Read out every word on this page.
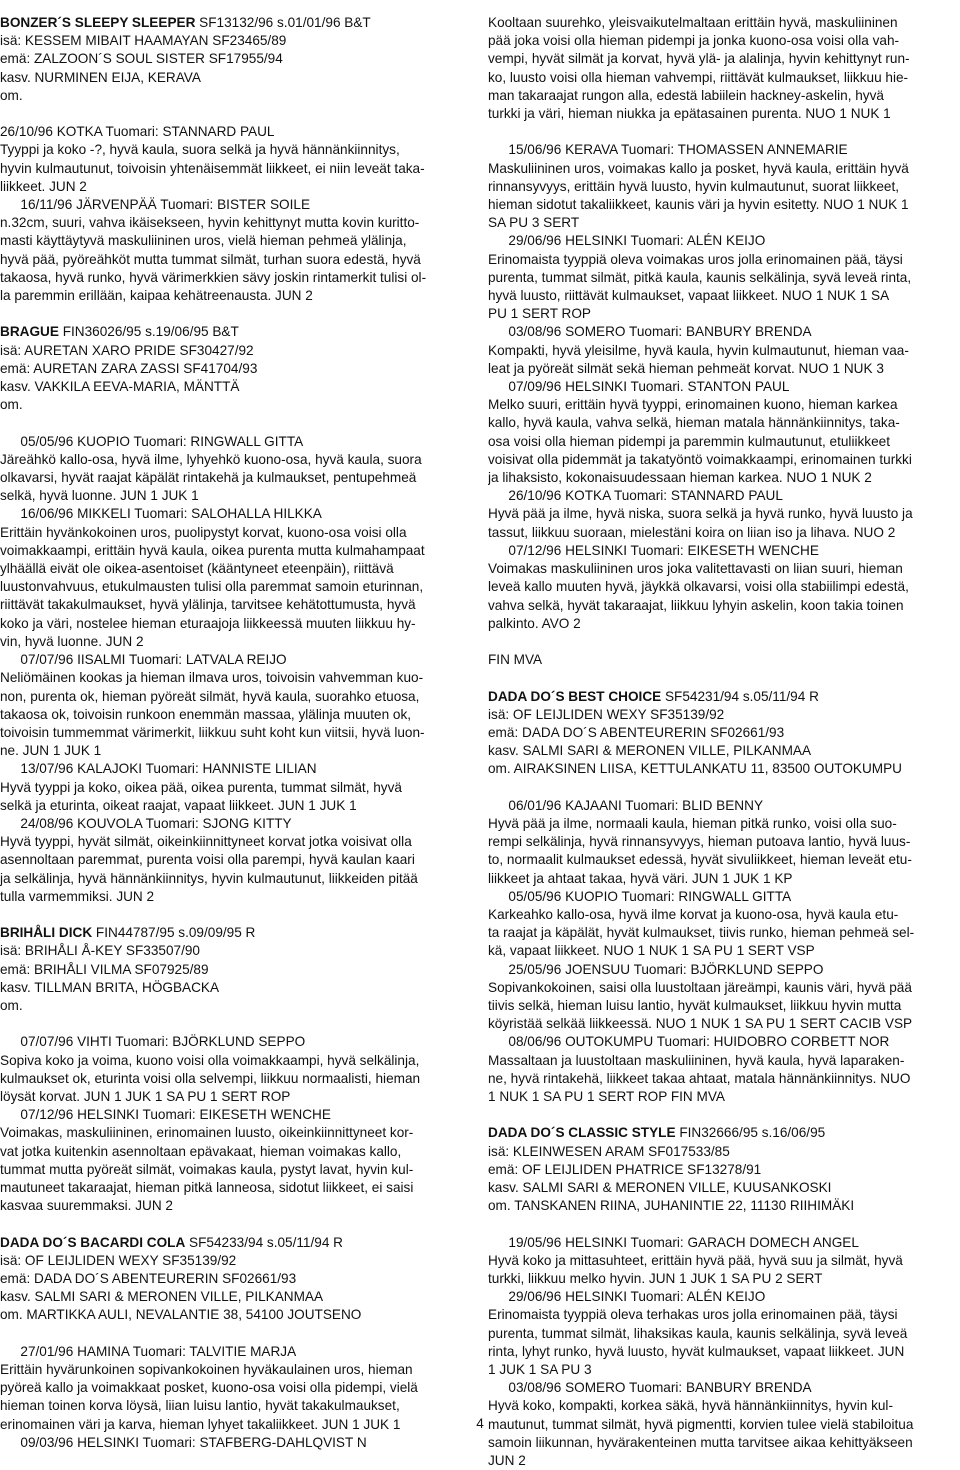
BONZER´S SLEEPY SLEEPER SF13132/96 s.01/01/96 B&T
isä: KESSEM MIBAIT HAAMAYAN SF23465/89
emä: ZALZOON´S SOUL SISTER SF17955/94
kasv. NURMINEN EIJA, KERAVA
om.

26/10/96 KOTKA Tuomari: STANNARD PAUL
Tyyppi ja koko -?, hyvä kaula, suora selkä ja hyvä hännänkiinnitys,
hyvin kulmautunut, toivoisin yhtenäisemmät liikkeet, ei niin leveät taka-
liikkeet. JUN 2
  16/11/96 JÄRVENPÄÄ Tuomari: BISTER SOILE
n.32cm, suuri, vahva ikäisekseen, hyvin kehittynyt mutta kovin kuritto-
masti käyttäytyvä maskuliininen uros, vielä hieman pehmeä ylälinja,
hyvä pää, pyöreähköt mutta tummat silmät, turhan suora edestä, hyvä
takaosa, hyvä runko, hyvä värimerkkien sävy joskin rintamerkit tulisi ol-
la paremmin erillään, kaipaa kehätreenausta. JUN 2
BRAGUE FIN36026/95 s.19/06/95 B&T
isä: AURETAN XARO PRIDE SF30427/92
emä: AURETAN ZARA ZASSI SF41704/93
kasv. VAKKILA EEVA-MARIA, MÄNTTÄ
om.

  05/05/96 KUOPIO Tuomari: RINGWALL GITTA
Järeähkö kallo-osa, hyvä ilme, lyhyehkö kuono-osa, hyvä kaula, suora
olkavarsi, hyvät raajat käpälät rintakehä ja kulmaukset, pentupehmeä
selkä, hyvä luonne. JUN 1 JUK 1
  16/06/96 MIKKELI Tuomari: SALOHALLA HILKKA
Erittäin hyvänkokoinen uros, puolipystyt korvat, kuono-osa voisi olla
voimakkaampi, erittäin hyvä kaula, oikea purenta mutta kulmahampaat
ylhäällä eivät ole oikea-asentoiset (kääntyneet eteenpäin), riittävä
luustonvahvuus, etukulmausten tulisi olla paremmat samoin eturinnan,
riittävät takakulmaukset, hyvä ylälinja, tarvitsee kehätottumusta, hyvä
koko ja väri, nostelee hieman eturaajoja liikkeessä muuten liikkuu hy-
vin, hyvä luonne. JUN 2
  07/07/96 IISALMI Tuomari: LATVALA REIJO
Neliömäinen kookas ja hieman ilmava uros, toivoisin vahvemman kuo-
non, purenta ok, hieman pyöreät silmät, hyvä kaula, suorahko etuosa,
takaosa ok, toivoisin runkoon enemmän massaa, ylälinja muuten ok,
toivoisin tummemmat värimerkit, liikkuu suht koht kun viitsii, hyvä luon-
ne. JUN 1 JUK 1
  13/07/96 KALAJOKI Tuomari: HANNISTE LILIAN
Hyvä tyyppi ja koko, oikea pää, oikea purenta, tummat silmät, hyvä
selkä ja eturinta, oikeat raajat, vapaat liikkeet. JUN 1 JUK 1
  24/08/96 KOUVOLA Tuomari: SJONG KITTY
Hyvä tyyppi, hyvät silmät, oikeinkiinnittyneet korvat jotka voisivat olla
asennoltaan paremmat, purenta voisi olla parempi, hyvä kaulan kaari
ja selkälinja, hyvä hännänkiinnitys, hyvin kulmautunut, liikkeiden pitää
tulla varmemmiksi. JUN 2
BRIHÅLI DICK FIN44787/95 s.09/09/95 R
isä: BRIHÅLI Å-KEY SF33507/90
emä: BRIHÅLI VILMA SF07925/89
kasv. TILLMAN BRITA, HÖGBACKA
om.

  07/07/96 VIHTI Tuomari: BJÖRKLUND SEPPO
Sopiva koko ja voima, kuono voisi olla voimakkaampi, hyvä selkälinja,
kulmaukset ok, eturinta voisi olla selvempi, liikkuu normaalisti, hieman
löysät korvat. JUN 1 JUK 1 SA PU 1 SERT ROP
  07/12/96 HELSINKI Tuomari: EIKESETH WENCHE
Voimakas, maskuliininen, erinomainen luusto, oikeinkiinnittyneet kor-
vat jotka kuitenkin asennoltaan epävakaat, hieman voimakas kallo,
tummat mutta pyöreät silmät, voimakas kaula, pystyt lavat, hyvin kul-
mautuneet takaraajat, hieman pitkä lanneosa, sidotut liikkeet, ei saisi
kasvaa suuremmaksi. JUN 2
DADA DO´S BACARDI COLA SF54233/94 s.05/11/94 R
isä: OF LEIJLIDEN WEXY SF35139/92
emä: DADA DO´S ABENTEURERIN SF02661/93
kasv. SALMI SARI & MERONEN VILLE, PILKANMAA
om. MARTIKKA AULI, NEVALANTIE 38, 54100 JOUTSENO

  27/01/96 HAMINA Tuomari: TALVITIE MARJA
Erittäin hyvärunkoinen sopivankokoinen hyväkaulainen uros, hieman
pyöreä kallo ja voimakkaat posket, kuono-osa voisi olla pidempi, vielä
hieman toinen korva löysä, liian luisu lantio, hyvät takakulmaukset,
erinomainen väri ja karva, hieman lyhyet takaliikkeet. JUN 1 JUK 1
  09/03/96 HELSINKI Tuomari: STAFBERG-DAHLQVIST N
Kooltaan suurehko, yleisvaikutelmaltaan erittäin hyvä, maskuliininen
pää joka voisi olla hieman pidempi ja jonka kuono-osa voisi olla vah-
vempi, hyvät silmät ja korvat, hyvä ylä- ja alalinja, hyvin kehittynyt run-
ko, luusto voisi olla hieman vahvempi, riittävät kulmaukset, liikkuu hie-
man takaraajat rungon alla, edestä labiilein hackney-askelin, hyvä
turkki ja väri, hieman niukka ja epätasainen purenta. NUO 1 NUK 1

  15/06/96 KERAVA Tuomari: THOMASSEN ANNEMARIE
Maskuliininen uros, voimakas kallo ja posket, hyvä kaula, erittäin hyvä
rinnansyvyys, erittäin hyvä luusto, hyvin kulmautunut, suorat liikkeet,
hieman sidotut takaliikkeet, kaunis väri ja hyvin esitetty. NUO 1 NUK 1
SA PU 3 SERT
  29/06/96 HELSINKI Tuomari: ALÉN KEIJO
Erinomaista tyyppiä oleva voimakas uros jolla erinomainen pää, täysi
purenta, tummat silmät, pitkä kaula, kaunis selkälinja, syvä leveä rinta,
hyvä luusto, riittävät kulmaukset, vapaat liikkeet. NUO 1 NUK 1 SA
PU 1 SERT ROP
  03/08/96 SOMERO Tuomari: BANBURY BRENDA
Kompakti, hyvä yleisilme, hyvä kaula, hyvin kulmautunut, hieman vaa-
leat ja pyöreät silmät sekä hieman pehmeät korvat. NUO 1 NUK 3
  07/09/96 HELSINKI Tuomari. STANTON PAUL
Melko suuri, erittäin hyvä tyyppi, erinomainen kuono, hieman karkea
kallo, hyvä kaula, vahva selkä, hieman matala hännänkiinnitys, taka-
osa voisi olla hieman pidempi ja paremmin kulmautunut, etuliikkeet
voisivat olla pidemmät ja takatyöntö voimakkaampi, erinomainen turkki
ja lihaksisto, kokonaisuudessaan hieman karkea. NUO 1 NUK 2
  26/10/96 KOTKA Tuomari: STANNARD PAUL
Hyvä pää ja ilme, hyvä niska, suora selkä ja hyvä runko, hyvä luusto ja
tassut, liikkuu suoraan, mielestäni koira on liian iso ja lihava. NUO 2
  07/12/96 HELSINKI Tuomari: EIKESETH WENCHE
Voimakas maskuliininen uros joka valitettavasti on liian suuri, hieman
leveä kallo muuten hyvä, jäykkä olkavarsi, voisi olla stabiilimpi edestä,
vahva selkä, hyvät takaraajat, liikkuu lyhyin askelin, koon takia toinen
palkinto. AVO 2

FIN MVA
DADA DO´S BEST CHOICE SF54231/94 s.05/11/94 R
isä: OF LEIJLIDEN WEXY SF35139/92
emä: DADA DO´S ABENTEURERIN SF02661/93
kasv. SALMI SARI & MERONEN VILLE, PILKANMAA
om. AIRAKSINEN LIISA, KETTULANKATU 11, 83500 OUTOKUMPU

  06/01/96 KAJAANI Tuomari: BLID BENNY
Hyvä pää ja ilme, normaali kaula, hieman pitkä runko, voisi olla suo-
rempi selkälinja, hyvä rinnansyvyys, hieman putoava lantio, hyvä luus-
to, normaalit kulmaukset edessä, hyvät sivuliikkeet, hieman leveät etu-
liikkeet ja ahtaat takaa, hyvä väri. JUN 1 JUK 1 KP
  05/05/96 KUOPIO Tuomari: RINGWALL GITTA
Karkeahko kallo-osa, hyvä ilme korvat ja kuono-osa, hyvä kaula etu-
ta raajat ja käpälät, hyvät kulmaukset, tiivis runko, hieman pehmeä sel-
kä, vapaat liikkeet. NUO 1 NUK 1 SA PU 1 SERT VSP
  25/05/96 JOENSUU Tuomari: BJÖRKLUND SEPPO
Sopivankokoinen, saisi olla luustoltaan järeämpi, kaunis väri, hyvä pää
tiivis selkä, hieman luisu lantio, hyvät kulmaukset, liikkuu hyvin mutta
köyristää selkää liikkeessä. NUO 1 NUK 1 SA PU 1 SERT CACIB VSP
  08/06/96 OUTOKUMPU Tuomari: HUIDOBRO CORBETT NOR
Massaltaan ja luustoltaan maskuliininen, hyvä kaula, hyvä laparaken-
ne, hyvä rintakehä, liikkeet takaa ahtaat, matala hännänkiinnitys. NUO
1 NUK 1 SA PU 1 SERT ROP FIN MVA
DADA DO´S CLASSIC STYLE FIN32666/95 s.16/06/95
isä: KLEINWESEN ARAM SF017533/85
emä: OF LEIJLIDEN PHATRICE SF13278/91
kasv. SALMI SARI & MERONEN VILLE, KUUSANKOSKI
om. TANSKANEN RIINA, JUHANINTIE 22, 11130 RIIHIMÄKI

  19/05/96 HELSINKI Tuomari: GARACH DOMECH ANGEL
Hyvä koko ja mittasuhteet, erittäin hyvä pää, hyvä suu ja silmät, hyvä
turkki, liikkuu melko hyvin. JUN 1 JUK 1 SA PU 2 SERT
  29/06/96 HELSINKI Tuomari: ALÉN KEIJO
Erinomaista tyyppiä oleva terhakas uros jolla erinomainen pää, täysi
purenta, tummat silmät, lihaksikas kaula, kaunis selkälinja, syvä leveä
rinta, lyhyt runko, hyvä luusto, hyvät kulmaukset, vapaat liikkeet. JUN
1 JUK 1 SA PU 3
  03/08/96 SOMERO Tuomari: BANBURY BRENDA
Hyvä koko, kompakti, korkea säkä, hyvä hännänkiinnitys, hyvin kul-
mautunut, tummat silmät, hyvä pigmentti, korvien tulee vielä stabiloitua
samoin liikunnan, hyvärakenteinen mutta tarvitsee aikaa kehittyäkseen
JUN 2
4
